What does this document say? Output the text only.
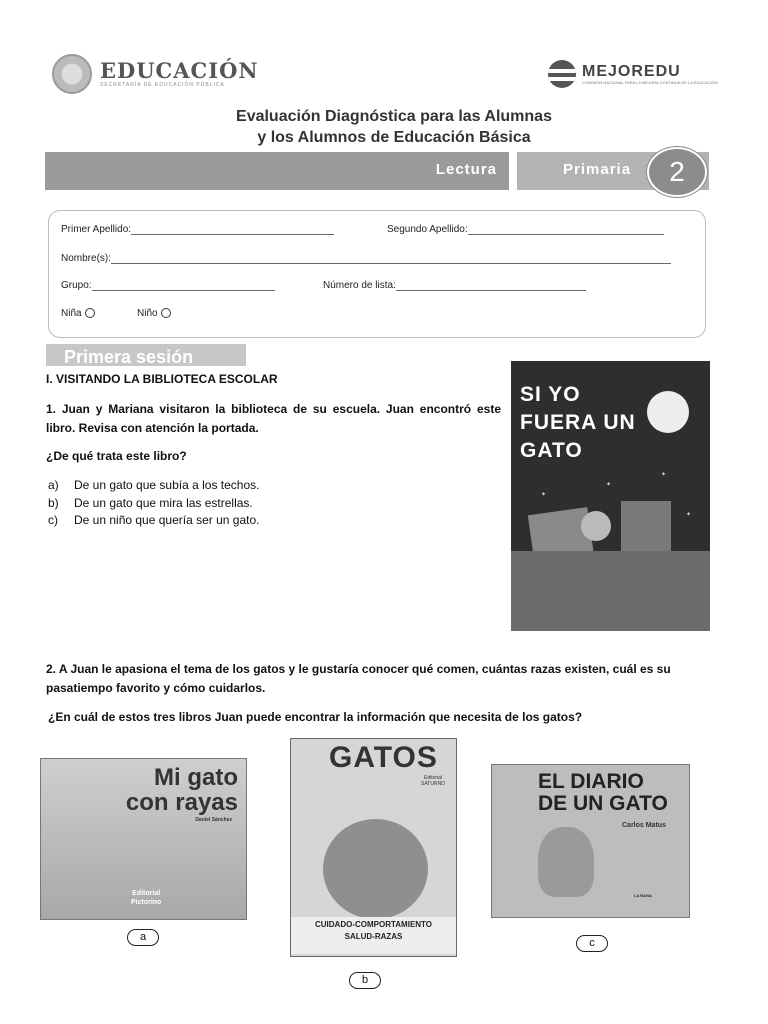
EDUCACIÓN
SECRETARÍA DE EDUCACIÓN PÚBLICA
MEJOREDU
COMISIÓN NACIONAL PARA LA MEJORA CONTINUA DE LA EDUCACIÓN
Evaluación Diagnóstica para las Alumnas
y los Alumnos de Educación Básica
Lectura	Primaria	2
Primer Apellido:	Segundo Apellido:
Nombre(s):
Grupo:	Número de lista:
Niña	Niño
Primera sesión
I. VISITANDO LA BIBLIOTECA ESCOLAR
1. Juan y Mariana visitaron la biblioteca de su escuela. Juan encontró este libro. Revisa con atención la portada.
¿De qué trata este libro?
a) De un gato que subía a los techos.
b) De un gato que mira las estrellas.
c) De un niño que quería ser un gato.
✦
✦
✦
✦
SI YO FUERA UN GATO
2. A Juan le apasiona el tema de los gatos y le gustaría conocer qué comen, cuántas razas existen, cuál es su pasatiempo favorito y cómo cuidarlos.
¿En cuál de estos tres libros Juan puede encontrar la información que necesita de los gatos?
Mi gato
con rayas
Daniel Sánchez
Editorial
Pictorino
GATOS
Editorial
SATURNO
CUIDADO-COMPORTAMIENTO
SALUD-RAZAS
EL DIARIO
DE UN GATO
Carlos Matus
LA RANA
a
b
c
